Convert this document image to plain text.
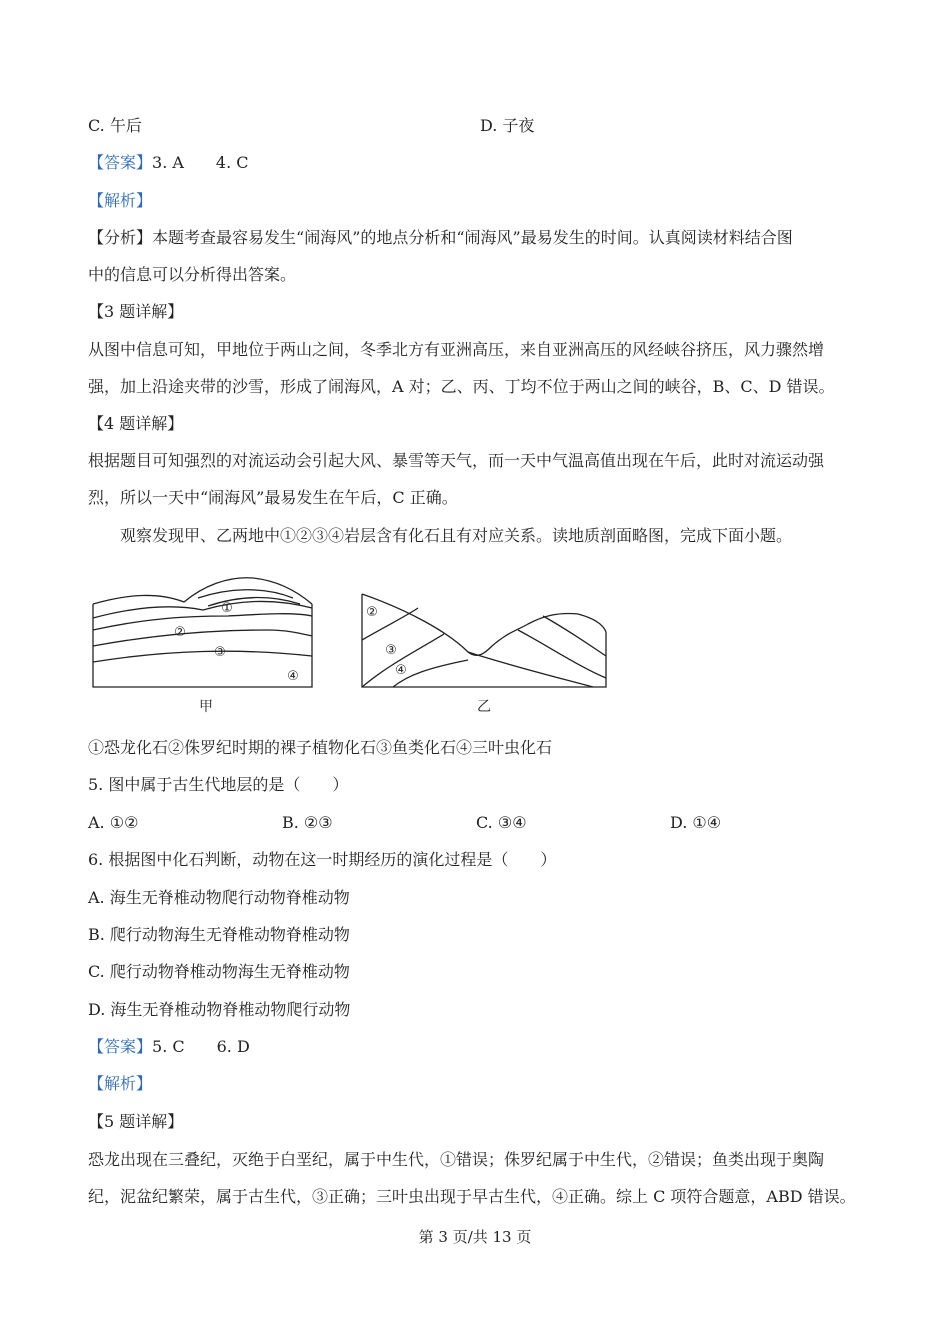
C. 午后	D. 子夜
【答案】3. A　　4. C
【解析】
【分析】本题考查最容易发生“闹海风”的地点分析和“闹海风”最易发生的时间。认真阅读材料结合图
中的信息可以分析得出答案。
【3 题详解】
从图中信息可知，甲地位于两山之间，冬季北方有亚洲高压，来自亚洲高压的风经峡谷挤压，风力骤然增
强，加上沿途夹带的沙雪，形成了闹海风，A 对；乙、丙、丁均不位于两山之间的峡谷，B、C、D 错误。
【4 题详解】
根据题目可知强烈的对流运动会引起大风、暴雪等天气，而一天中气温高值出现在午后，此时对流运动强
烈，所以一天中“闹海风”最易发生在午后，C 正确。
观察发现甲、乙两地中①②③④岩层含有化石且有对应关系。读地质剖面略图，完成下面小题。
①
②
③
④
②
③
④
甲	乙
①恐龙化石②侏罗纪时期的裸子植物化石③鱼类化石④三叶虫化石
5. 图中属于古生代地层的是（　　）
A. ①②	B. ②③	C. ③④	D. ①④
6. 根据图中化石判断，动物在这一时期经历的演化过程是（　　）
A. 海生无脊椎动物爬行动物脊椎动物
B. 爬行动物海生无脊椎动物脊椎动物
C. 爬行动物脊椎动物海生无脊椎动物
D. 海生无脊椎动物脊椎动物爬行动物
【答案】5. C　　6. D
【解析】
【5 题详解】
恐龙出现在三叠纪，灭绝于白垩纪，属于中生代，①错误；侏罗纪属于中生代，②错误；鱼类出现于奥陶
纪，泥盆纪繁荣，属于古生代，③正确；三叶虫出现于早古生代，④正确。综上 C 项符合题意，ABD 错误。
第 3 页/共 13 页
